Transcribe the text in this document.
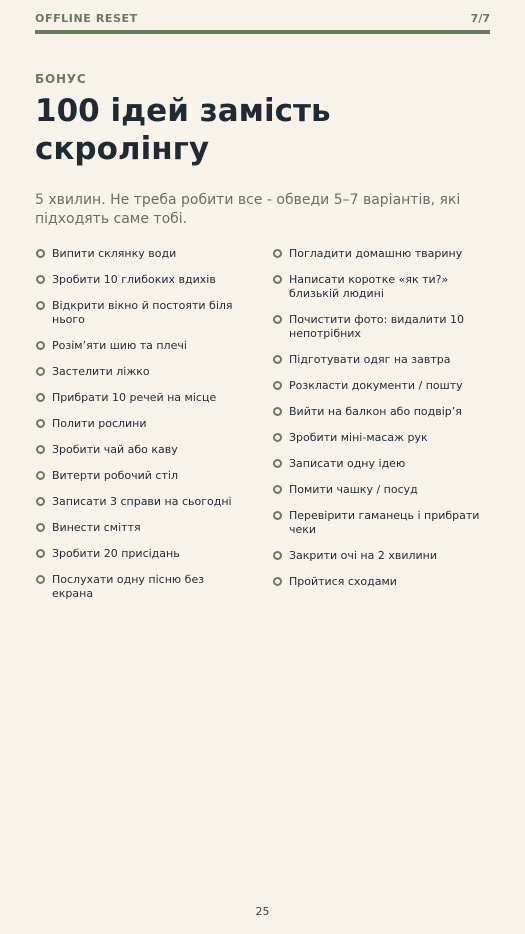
OFFLINE RESET	7/7
БОНУС
100 ідей замість скролінгу
5 хвилин. Не треба робити все - обведи 5–7 варіантів, які підходять саме тобі.
Випити склянку води
Зробити 10 глибоких вдихів
Відкрити вікно й постояти біля нього
Розім’яти шию та плечі
Застелити ліжко
Прибрати 10 речей на місце
Полити рослини
Зробити чай або каву
Витерти робочий стіл
Записати 3 справи на сьогодні
Винести сміття
Зробити 20 присідань
Послухати одну пісню без екрана
Погладити домашню тварину
Написати коротке «як ти?» близькій людині
Почистити фото: видалити 10 непотрібних
Підготувати одяг на завтра
Розкласти документи / пошту
Вийти на балкон або подвір’я
Зробити міні-масаж рук
Записати одну ідею
Помити чашку / посуд
Перевірити гаманець і прибрати чеки
Закрити очі на 2 хвилини
Пройтися сходами
25
